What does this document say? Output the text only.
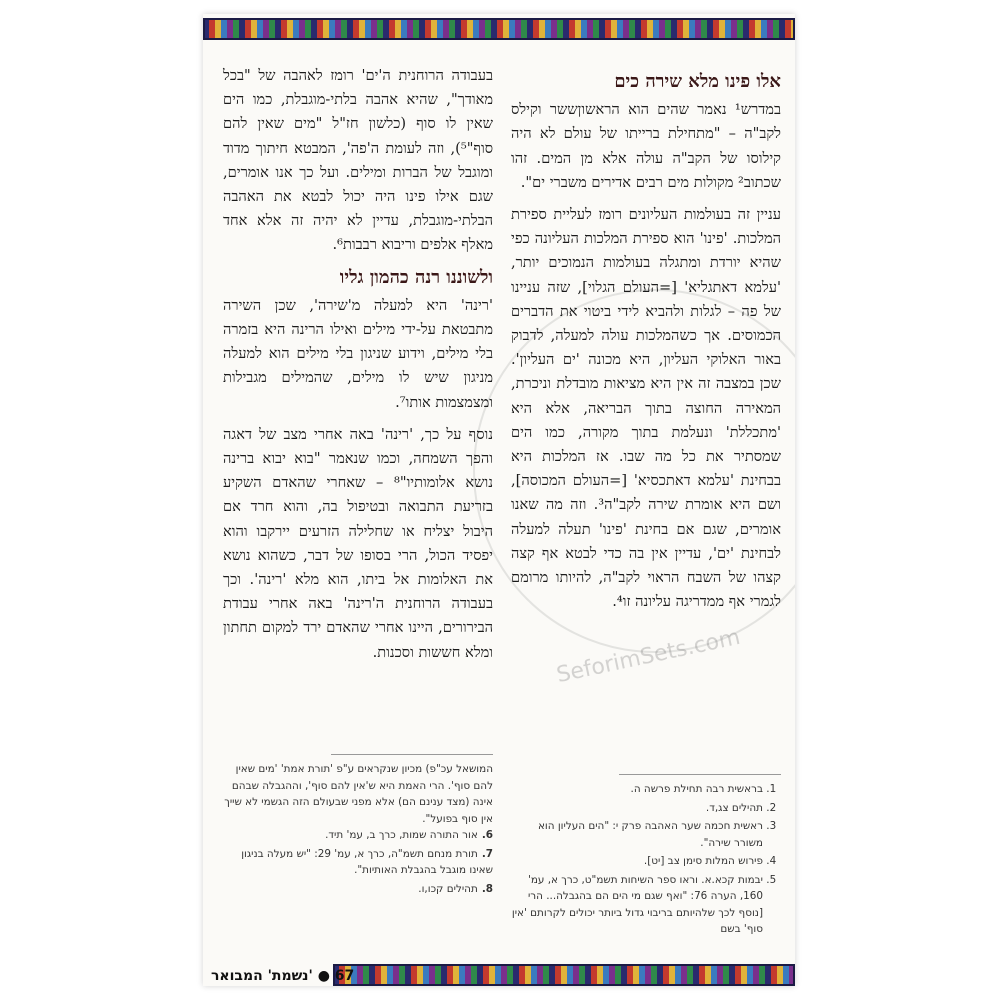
SeforimSets.com
אלו פינו מלא שירה כים

במדרש¹ נאמר שהים הוא הראשוןששר וקילס לקב"ה – "מתחילת ברייתו של עולם לא היה קילוסו של הקב"ה עולה אלא מן המים. זהו שכתוב² מקולות מים רבים אדירים משברי ים".

עניין זה בעולמות העליונים רומז לעליית ספירת המלכות. 'פינו' הוא ספירת המלכות העליונה כפי שהיא יורדת ומתגלה בעולמות הנמוכים יותר, 'עלמא דאתגליא' [=העולם הגלוי], שזה עניינו של פה – לגלות ולהביא לידי ביטוי את הדברים הכמוסים. אך כשהמלכות עולה למעלה, לדבוק באור האלוקי העליון, היא מכונה 'ים העליון'. שכן במצבה זה אין היא מציאות מובדלת וניכרת, המאירה החוצה בתוך הבריאה, אלא היא 'מתכללת' ונעלמת בתוך מקורה, כמו הים שמסתיר את כל מה שבו. אז המלכות היא בבחינת 'עלמא דאתכסיא' [=העולם המכוסה], ושם היא אומרת שירה לקב"ה³. וזה מה שאנו אומרים, שגם אם בחינת 'פינו' תעלה למעלה לבחינת 'ים', עדיין אין בה כדי לבטא אף קצה קצהו של השבח הראוי לקב"ה, להיותו מרומם לגמרי אף ממדריגה עליונה זו⁴.

בעבודה הרוחנית ה'ים' רומז לאהבה של "בכל מאודך", שהיא אהבה בלתי-מוגבלת, כמו הים שאין לו סוף (כלשון חז"ל "מים שאין להם סוף"⁵), וזה לעומת ה'פה', המבטא חיתוך מדוד ומוגבל של הברות ומילים. ועל כך אנו אומרים, שגם אילו פינו היה יכול לבטא את האהבה הבלתי-מוגבלת, עדיין לא יהיה זה אלא אחד מאלף אלפים וריבוא רבבות⁶.

ולשוננו רנה כהמון גליו

'רינה' היא למעלה מ'שירה', שכן השירה מתבטאת על-ידי מילים ואילו הרינה היא בזמרה בלי מילים, וידוע שניגון בלי מילים הוא למעלה מניגון שיש לו מילים, שהמילים מגבילות ומצמצמות אותו⁷.

נוסף על כך, 'רינה' באה אחרי מצב של דאגה והפך השמחה, וכמו שנאמר "בוא יבוא ברינה נושא אלומותיו"⁸ – שאחרי שהאדם השקיע בזריעת התבואה ובטיפול בה, והוא חרד אם היבול יצליח או שחלילה הזרעים יירקבו והוא יפסיד הכול, הרי בסופו של דבר, כשהוא נושא את האלומות אל ביתו, הוא מלא 'רינה'. וכך בעבודה הרוחנית ה'רינה' באה אחרי עבודת הבירורים, היינו אחרי שהאדם ירד למקום תחתון ומלא חששות וסכנות.

1. בראשית רבה תחילת פרשה ה.
2. תהילים צג,ד.
3. ראשית חכמה שער האהבה פרק י: "הים העליון הוא משורר שירה".
4. פירוש המלות סימן צב [יט].
5. יבמות קכא.א. וראו ספר השיחות תשמ"ט, כרך א, עמ' 160, הערה 76: "ואף שגם מי הים הם בהגבלה... הרי [נוסף לכך שלהיותם בריבוי גדול ביותר יכולים לקרותם 'אין סוף' בשם
המושאל עכ"פ) מכיון שנקראים ע"פ 'תורת אמת' 'מים שאין להם סוף'. הרי האמת היא ש'אין להם סוף', וההגבלה שבהם אינה (מצד ענינם הם) אלא מפני שבעולם הזה הגשמי לא שייך אין סוף בפועל".
6.אור התורה שמות, כרך ב, עמ' תיד.
7.תורת מנחם תשמ"ה, כרך א, עמ' 29: "יש מעלה בניגון שאינו מוגבל בהגבלת האותיות".
8.תהילים קכו,ו.
67 ● 'נשמת' המבואר
